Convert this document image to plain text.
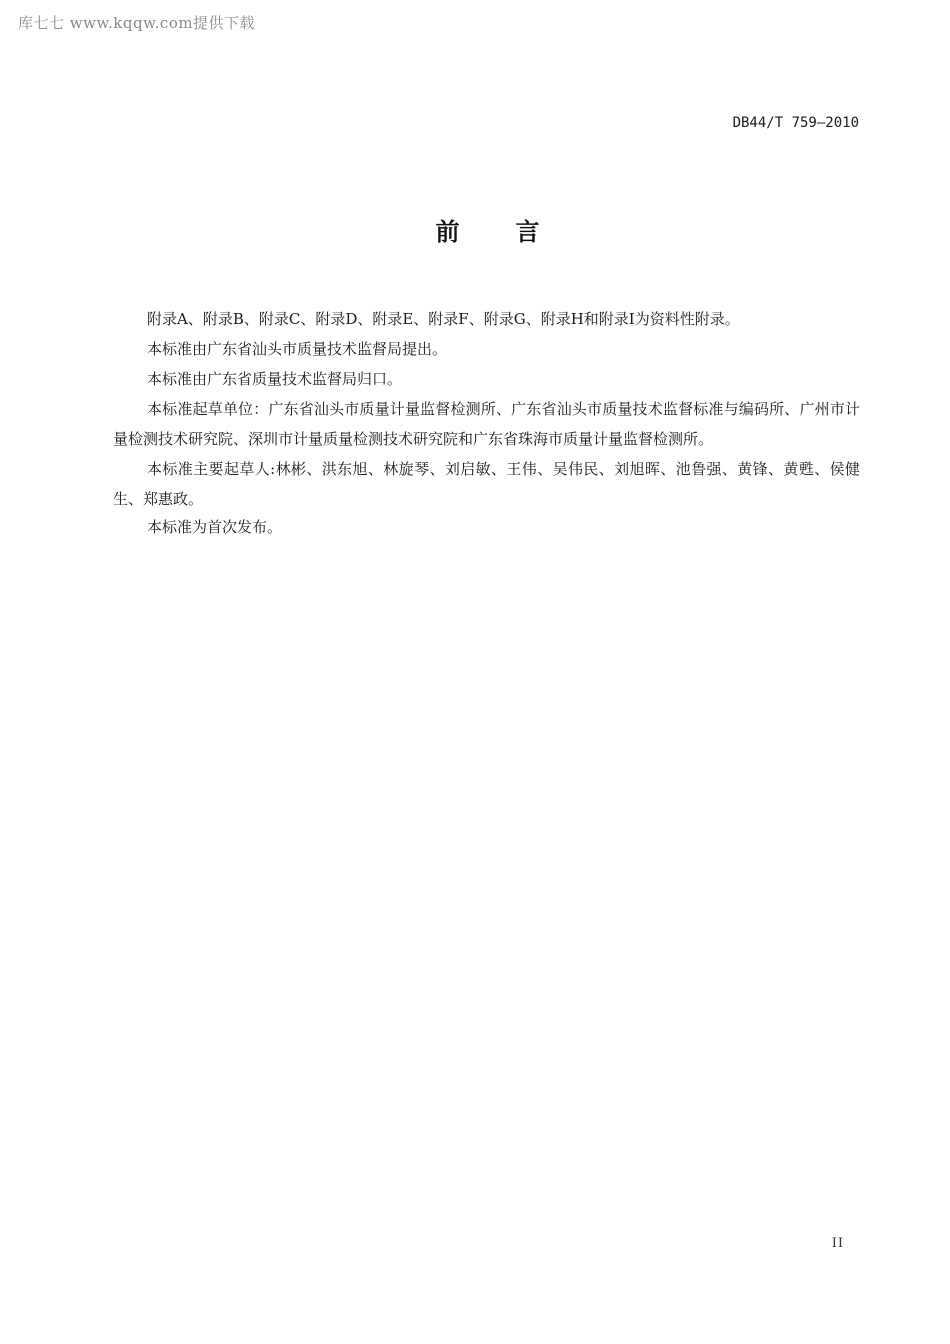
库七七 www.kqqw.com提供下载
DB44/T 759—2010
前言

附录A、附录B、附录C、附录D、附录E、附录F、附录G、附录H和附录I为资料性附录。

本标准由广东省汕头市质量技术监督局提出。

本标准由广东省质量技术监督局归口。

本标准起草单位：广东省汕头市质量计量监督检测所、广东省汕头市质量技术监督标准与编码所、广州市计量检测技术研究院、深圳市计量质量检测技术研究院和广东省珠海市质量计量监督检测所。

本标准主要起草人:林彬、洪东旭、林旋琴、刘启敏、王伟、吴伟民、刘旭晖、池鲁强、黄锋、黄甦、侯健生、郑惠政。

本标准为首次发布。

II
